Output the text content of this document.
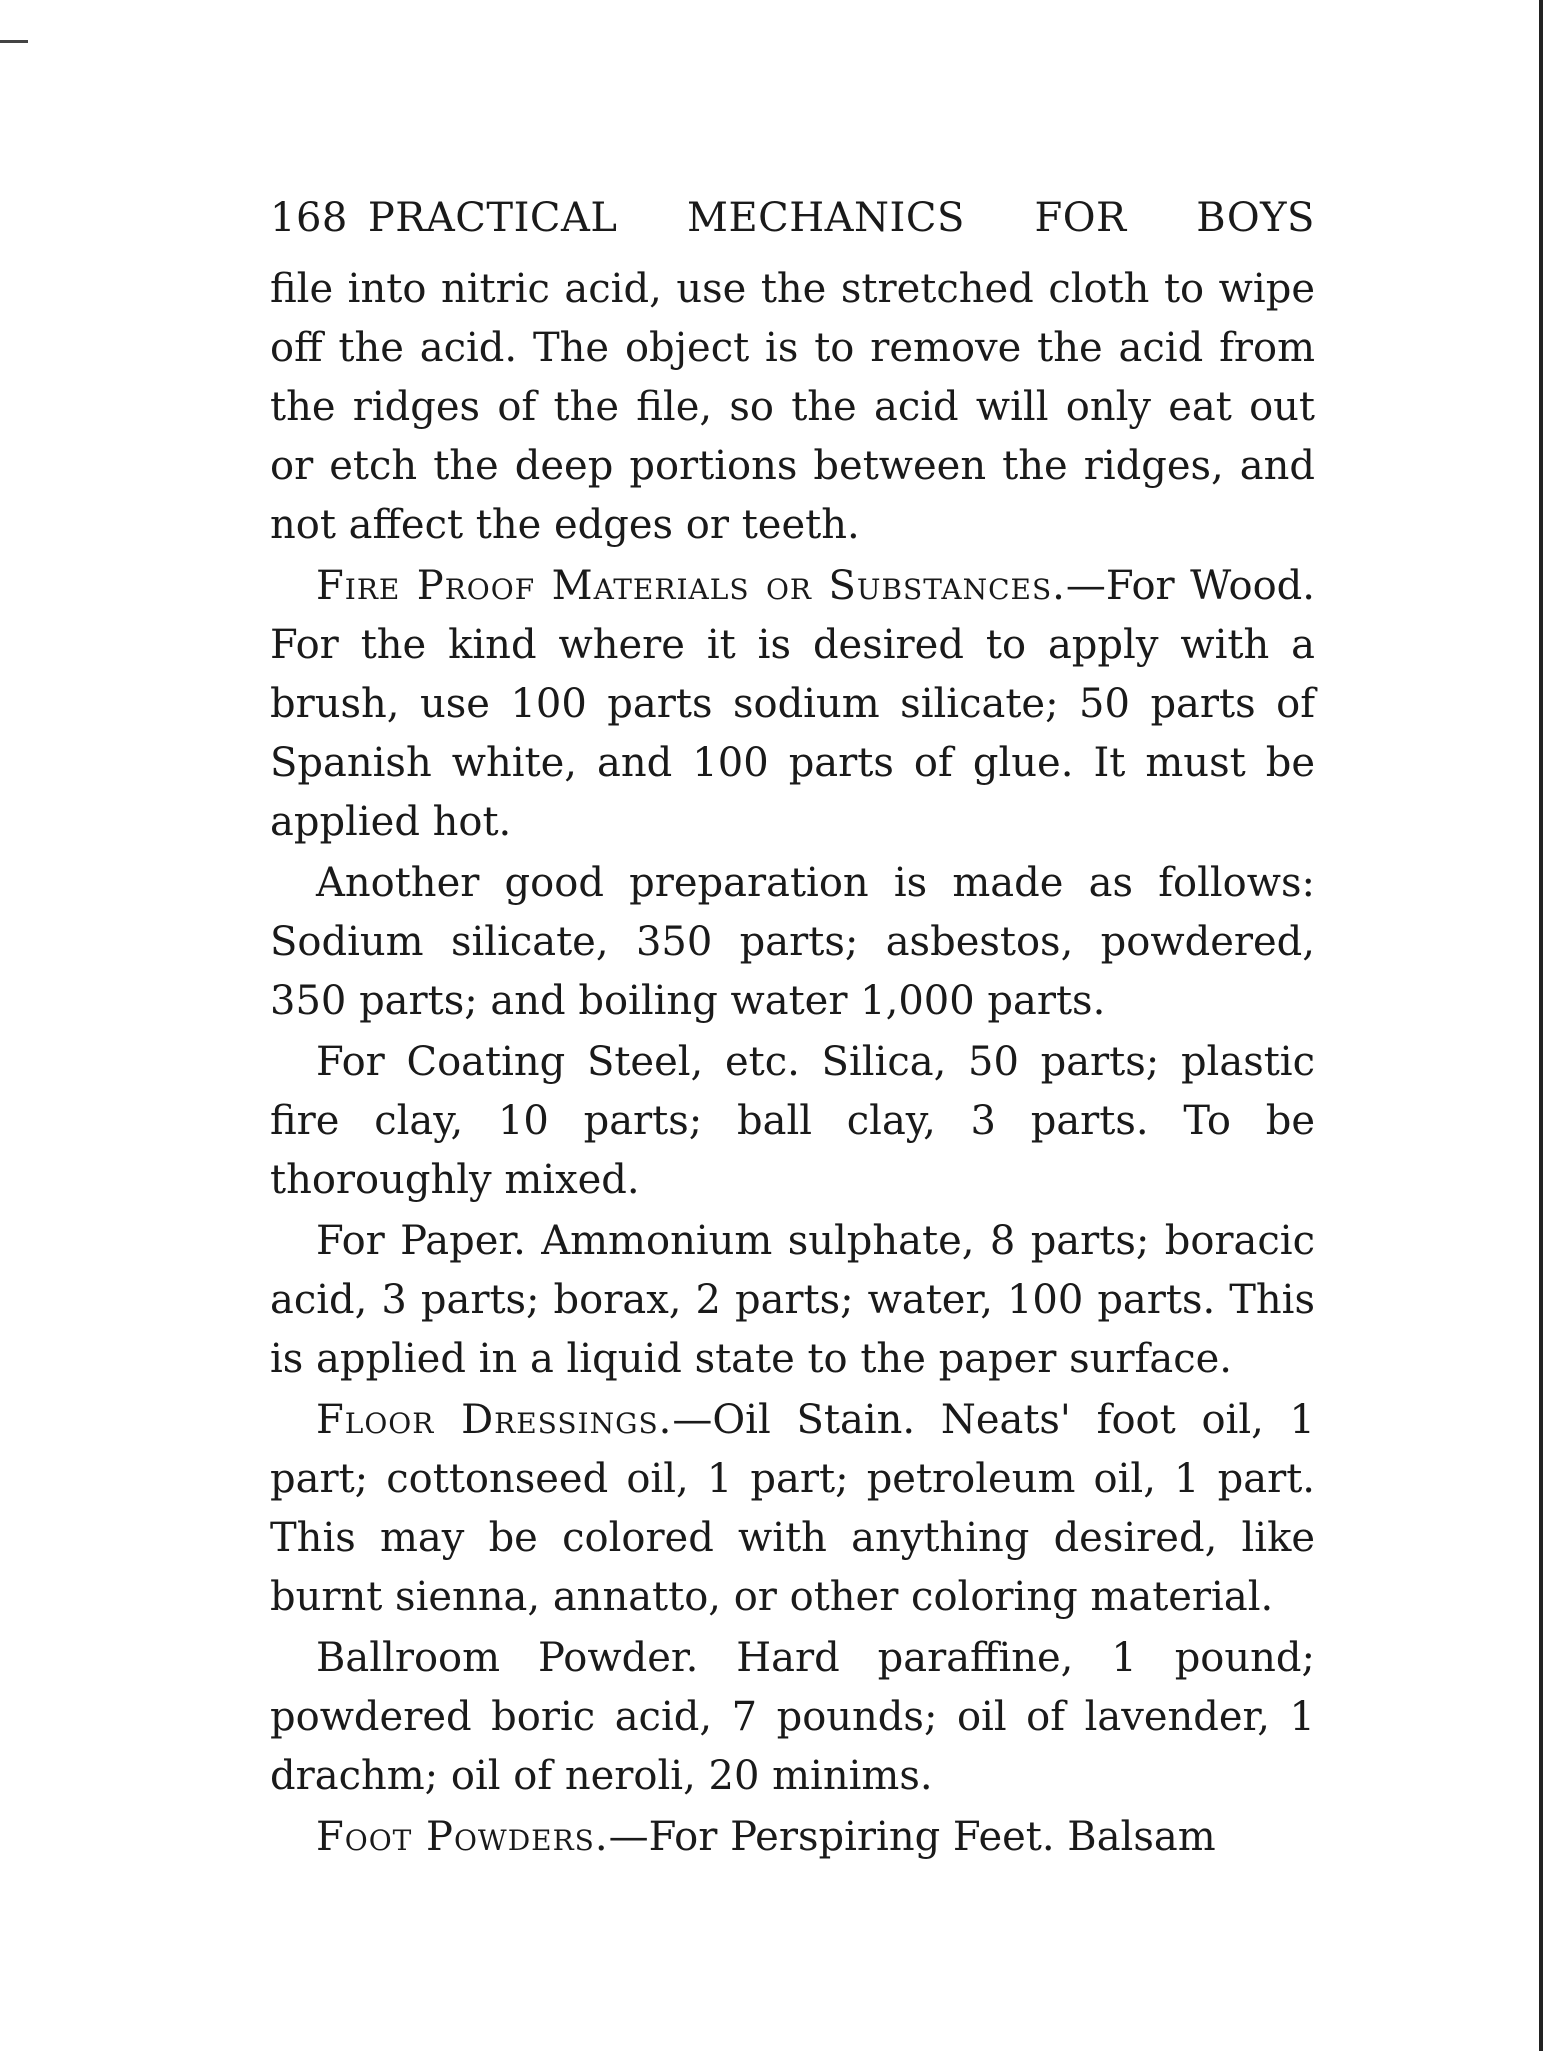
168 PRACTICAL MECHANICS FOR BOYS

file into nitric acid, use the stretched cloth to wipe off the acid. The object is to remove the acid from the ridges of the file, so the acid will only eat out or etch the deep portions between the ridges, and not affect the edges or teeth.

Fire Proof Materials or Substances.—For Wood. For the kind where it is desired to apply with a brush, use 100 parts sodium silicate; 50 parts of Spanish white, and 100 parts of glue. It must be applied hot.

Another good preparation is made as follows: Sodium silicate, 350 parts; asbestos, powdered, 350 parts; and boiling water 1,000 parts.

For Coating Steel, etc. Silica, 50 parts; plastic fire clay, 10 parts; ball clay, 3 parts. To be thoroughly mixed.

For Paper. Ammonium sulphate, 8 parts; boracic acid, 3 parts; borax, 2 parts; water, 100 parts. This is applied in a liquid state to the paper surface.

Floor Dressings.—Oil Stain. Neats' foot oil, 1 part; cottonseed oil, 1 part; petroleum oil, 1 part. This may be colored with anything desired, like burnt sienna, annatto, or other coloring material.

Ballroom Powder. Hard paraffine, 1 pound; powdered boric acid, 7 pounds; oil of lavender, 1 drachm; oil of neroli, 20 minims.

Foot Powders.—For Perspiring Feet. Balsam
